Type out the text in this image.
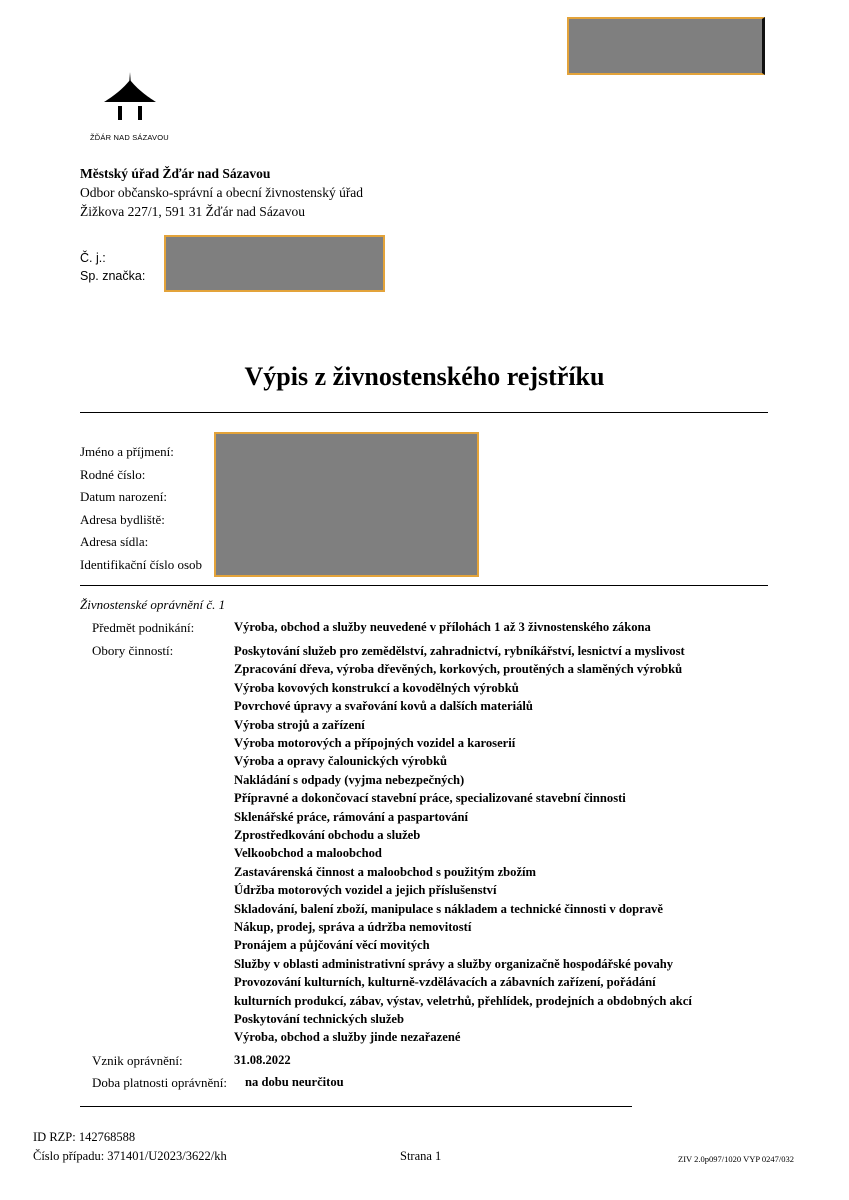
ŽĎÁR NAD SÁZAVOU
Městský úřad Žďár nad Sázavou
Odbor občansko-správní a obecní živnostenský úřad
Žižkova 227/1, 591 31 Žďár nad Sázavou
Č. j.:
Sp. značka:
Výpis z živnostenského rejstříku
Jméno a příjmení:
Rodné číslo:
Datum narození:
Adresa bydliště:
Adresa sídla:
Identifikační číslo osob
Živnostenské oprávnění č. 1
Předmět podnikání:	Výroba, obchod a služby neuvedené v přílohách 1 až 3 živnostenského zákona
Obory činností:	Poskytování služeb pro zemědělství, zahradnictví, rybníkářství, lesnictví a myslivost
Zpracování dřeva, výroba dřevěných, korkových, proutěných a slaměných výrobků
Výroba kovových konstrukcí a kovodělných výrobků
Povrchové úpravy a svařování kovů a dalších materiálů
Výroba strojů a zařízení
Výroba motorových a přípojných vozidel a karoserií
Výroba a opravy čalounických výrobků
Nakládání s odpady (vyjma nebezpečných)
Přípravné a dokončovací stavební práce, specializované stavební činnosti
Sklenářské práce, rámování a paspartování
Zprostředkování obchodu a služeb
Velkoobchod a maloobchod
Zastavárenská činnost a maloobchod s použitým zbožím
Údržba motorových vozidel a jejich příslušenství
Skladování, balení zboží, manipulace s nákladem a technické činnosti v dopravě
Nákup, prodej, správa a údržba nemovitostí
Pronájem a půjčování věcí movitých
Služby v oblasti administrativní správy a služby organizačně hospodářské povahy
Provozování kulturních, kulturně-vzdělávacích a zábavních zařízení, pořádání
kulturních produkcí, zábav, výstav, veletrhů, přehlídek, prodejních a obdobných akcí
Poskytování technických služeb
Výroba, obchod a služby jinde nezařazené
Vznik oprávnění:	31.08.2022
Doba platnosti oprávnění: na dobu neurčitou
ID RZP: 142768588
Číslo případu: 371401/U2023/3622/kh	Strana 1	ZIV 2.0p097/1020 VYP 0247/032
